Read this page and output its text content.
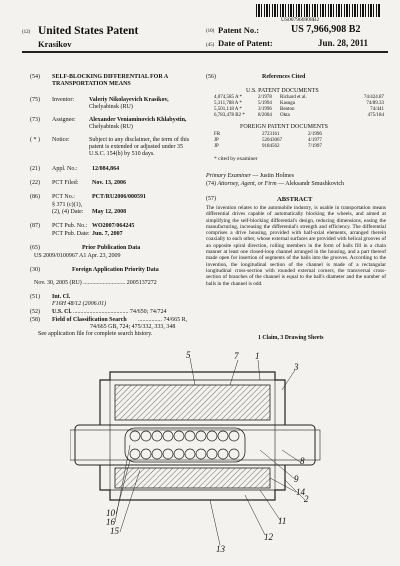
US007966908B2
(12) United States Patent
Krasikov
(10) Patent No.:	US 7,966,908 B2
(45) Date of Patent:	Jun. 28, 2011
(54) SELF-BLOCKING DIFFERENTIAL FOR A
TRANSPORTATION MEANS
(75) Inventor:	Valeriy Nikolayevich Krasikov,
Chelyabinsk (RU)
(73) Assignee: Alexander Veniaminovich Khlabystin,
Chelyabinsk (RU)
( * ) Notice:	Subject to any disclaimer, the term of this
patent is extended or adjusted under 35
U.S.C. 154(b) by 510 days.
(21) Appl. No.: 12/084,864
(22) PCT Filed: Nov. 13, 2006
(86) PCT No.:	PCT/RU2006/000591
§ 371 (c)(1),
(2), (4) Date: May 12, 2008
(87) PCT Pub. No.: WO2007/064245
PCT Pub. Date: Jun. 7, 2007
(65)	Prior Publication Data
US 2009/0100967 A1 Apr. 23, 2009
(30)	Foreign Application Priority Data
Nov. 30, 2005 (RU) ............................ 2005137272
(51) Int. Cl.
F16H 48/12 (2006.01)
(52) U.S. Cl. ..................................... 74/650; 74/724
(58) Field of Classification Search ................ 74/665 R,
74/665 GB, 724; 475/332, 333, 348
See application file for complete search history.
(56)	References Cited
U.S. PATENT DOCUMENTS
4,074,585 A *	2/1978	Richard et al.	74/424.87
5,311,788 A *	5/1994	Kasuga	74/89.33
5,501,118 A *	3/1996	Benton	74/441
6,783,478 B2 *	8/2004	Okta	475/184
FOREIGN PATENT DOCUMENTS
FR	2723161	2/1996
JP	52043067	4/1977
JP	9184562	7/1997
* cited by examiner
Primary Examiner — Justin Holmes
(74) Attorney, Agent, or Firm — Aleksandr Smushkovich
(57)	ABSTRACT
The invention relates to the automobile industry, is usable in transportation means differential drives capable of automatically blocking the wheels, and aimed at simplifying the self-blocking differential's design, reducing dimensions, easing the manufacturing, increasing the differential's strength and efficiency. The differential comprises a drive housing, provided with half-axial elements, arranged therein coaxially to each other, whose external surfaces are provided with helical grooves of an opposite spiral direction, rolling members in the form of balls fill in a chain manner at least one closed-loop channel arranged in the housing, and a part thereof made open for insertion of segments of the balls into the grooves. According to the invention, the longitudinal section of the channel is made of a rectangular longitudinal cross-section with rounded external corners, the transversal cross-section of branches of the channel is equal to the ball's diameter and the number of balls in the channel is odd.
1 Claim, 3 Drawing Sheets
5	7 1
3
8
9
14
10
16
15
2
11
12
13
